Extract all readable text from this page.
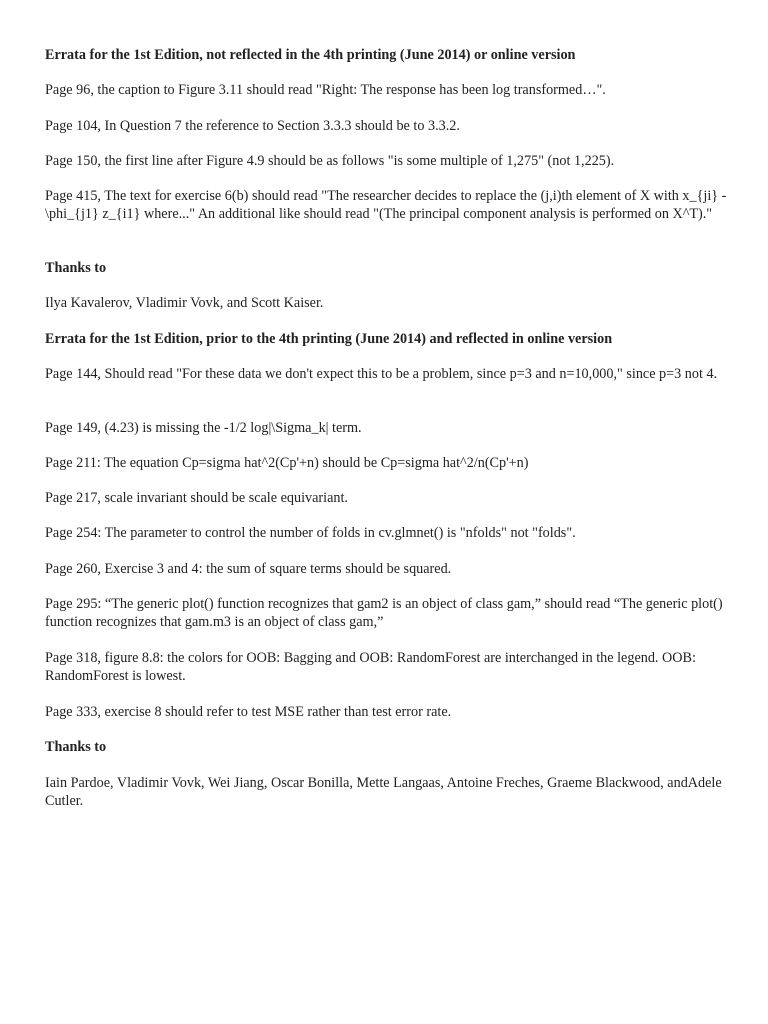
Errata for the 1st Edition, not reflected in the 4th printing (June 2014) or online version

Page 96, the caption to Figure 3.11 should read "Right: The response has been log transformed…".

Page 104, In Question 7 the reference to Section 3.3.3 should be to 3.3.2.

Page 150, the first line after Figure 4.9 should be as follows "is some multiple of 1,275" (not 1,225).

Page 415, The text for exercise 6(b) should read "The researcher decides to replace the (j,i)th element of X with x_{ji} - \phi_{j1} z_{i1} where..." An additional like should read "(The principal component analysis is performed on X^T)."

Thanks to

Ilya Kavalerov, Vladimir Vovk, and Scott Kaiser.

Errata for the 1st Edition, prior to the 4th printing (June 2014) and reflected in online version

Page 144, Should read "For these data we don't expect this to be a problem, since p=3 and n=10,000," since p=3 not 4.

Page 149, (4.23) is missing the -1/2 log|\Sigma_k| term.

Page 211: The equation Cp=sigma hat^2(Cp'+n) should be Cp=sigma hat^2/n(Cp'+n)

Page 217, scale invariant should be scale equivariant.

Page 254: The parameter to control the number of folds in cv.glmnet() is "nfolds" not "folds".

Page 260, Exercise 3 and 4: the sum of square terms should be squared.

Page 295: “The generic plot() function recognizes that gam2 is an object of class gam,” should read “The generic plot() function recognizes that gam.m3 is an object of class gam,”

Page 318, figure 8.8: the colors for OOB: Bagging and OOB: RandomForest are interchanged in the legend. OOB: RandomForest is lowest.

Page 333, exercise 8 should refer to test MSE rather than test error rate.

Thanks to

Iain Pardoe, Vladimir Vovk, Wei Jiang, Oscar Bonilla, Mette Langaas, Antoine Freches, Graeme Blackwood, andAdele Cutler.
